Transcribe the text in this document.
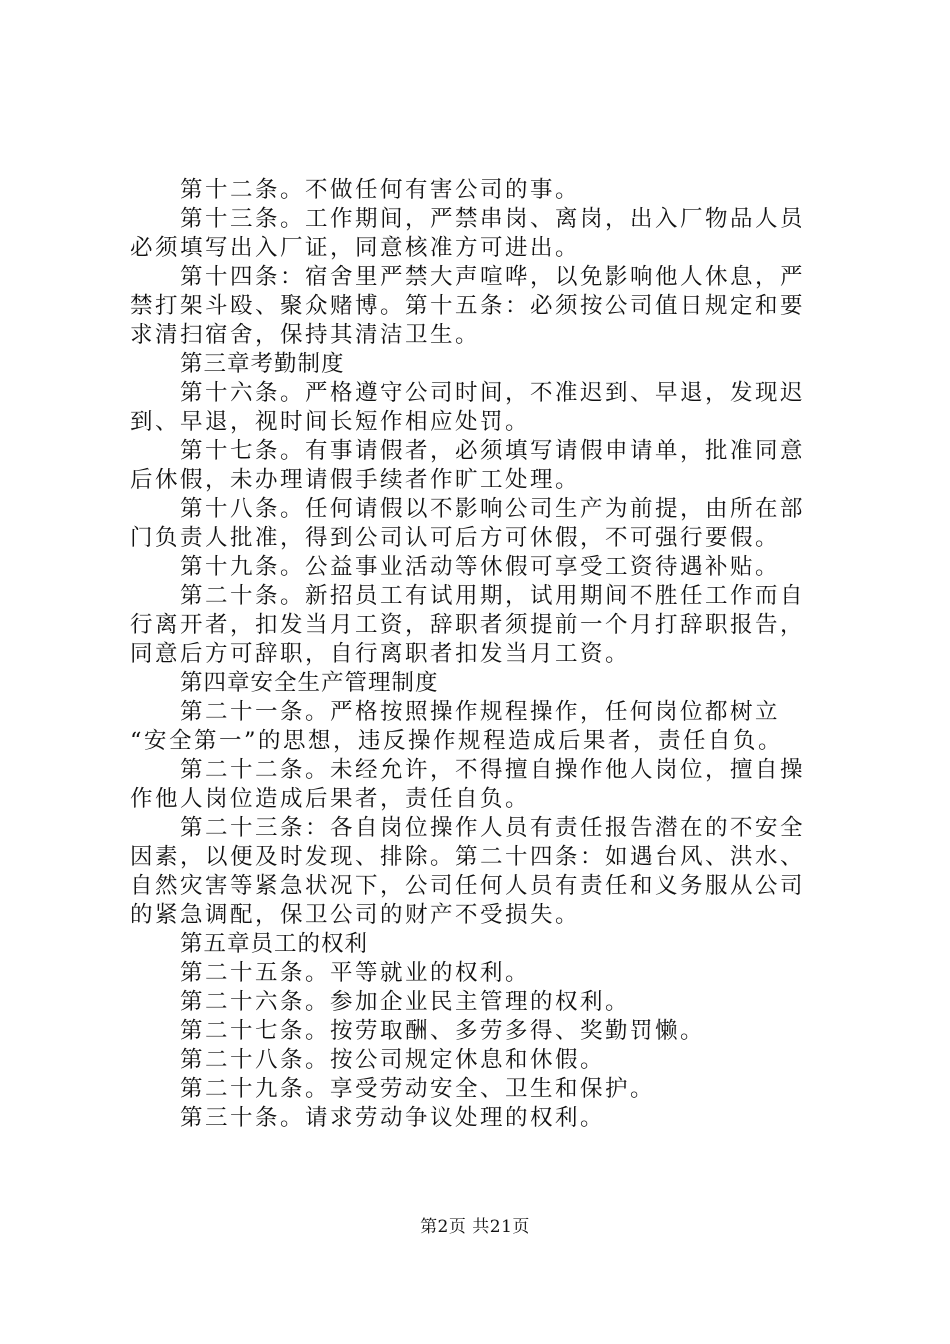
第十二条。不做任何有害公司的事。
第十三条。工作期间，严禁串岗、离岗，出入厂物品人员
必须填写出入厂证，同意核准方可进出。
第十四条：宿舍里严禁大声喧哗，以免影响他人休息，严
禁打架斗殴、聚众赌博。第十五条：必须按公司值日规定和要
求清扫宿舍，保持其清洁卫生。
第三章考勤制度
第十六条。严格遵守公司时间，不准迟到、早退，发现迟
到、早退，视时间长短作相应处罚。
第十七条。有事请假者，必须填写请假申请单，批准同意
后休假，未办理请假手续者作旷工处理。
第十八条。任何请假以不影响公司生产为前提，由所在部
门负责人批准，得到公司认可后方可休假，不可强行要假。
第十九条。公益事业活动等休假可享受工资待遇补贴。
第二十条。新招员工有试用期，试用期间不胜任工作而自
行离开者，扣发当月工资，辞职者须提前一个月打辞职报告，
同意后方可辞职，自行离职者扣发当月工资。
第四章安全生产管理制度
第二十一条。严格按照操作规程操作，任何岗位都树立
“安全第一”的思想，违反操作规程造成后果者，责任自负。
第二十二条。未经允许，不得擅自操作他人岗位，擅自操
作他人岗位造成后果者，责任自负。
第二十三条：各自岗位操作人员有责任报告潜在的不安全
因素，以便及时发现、排除。第二十四条：如遇台风、洪水、
自然灾害等紧急状况下，公司任何人员有责任和义务服从公司
的紧急调配，保卫公司的财产不受损失。
第五章员工的权利
第二十五条。平等就业的权利。
第二十六条。参加企业民主管理的权利。
第二十七条。按劳取酬、多劳多得、奖勤罚懒。
第二十八条。按公司规定休息和休假。
第二十九条。享受劳动安全、卫生和保护。
第三十条。请求劳动争议处理的权利。
第2页 共21页
